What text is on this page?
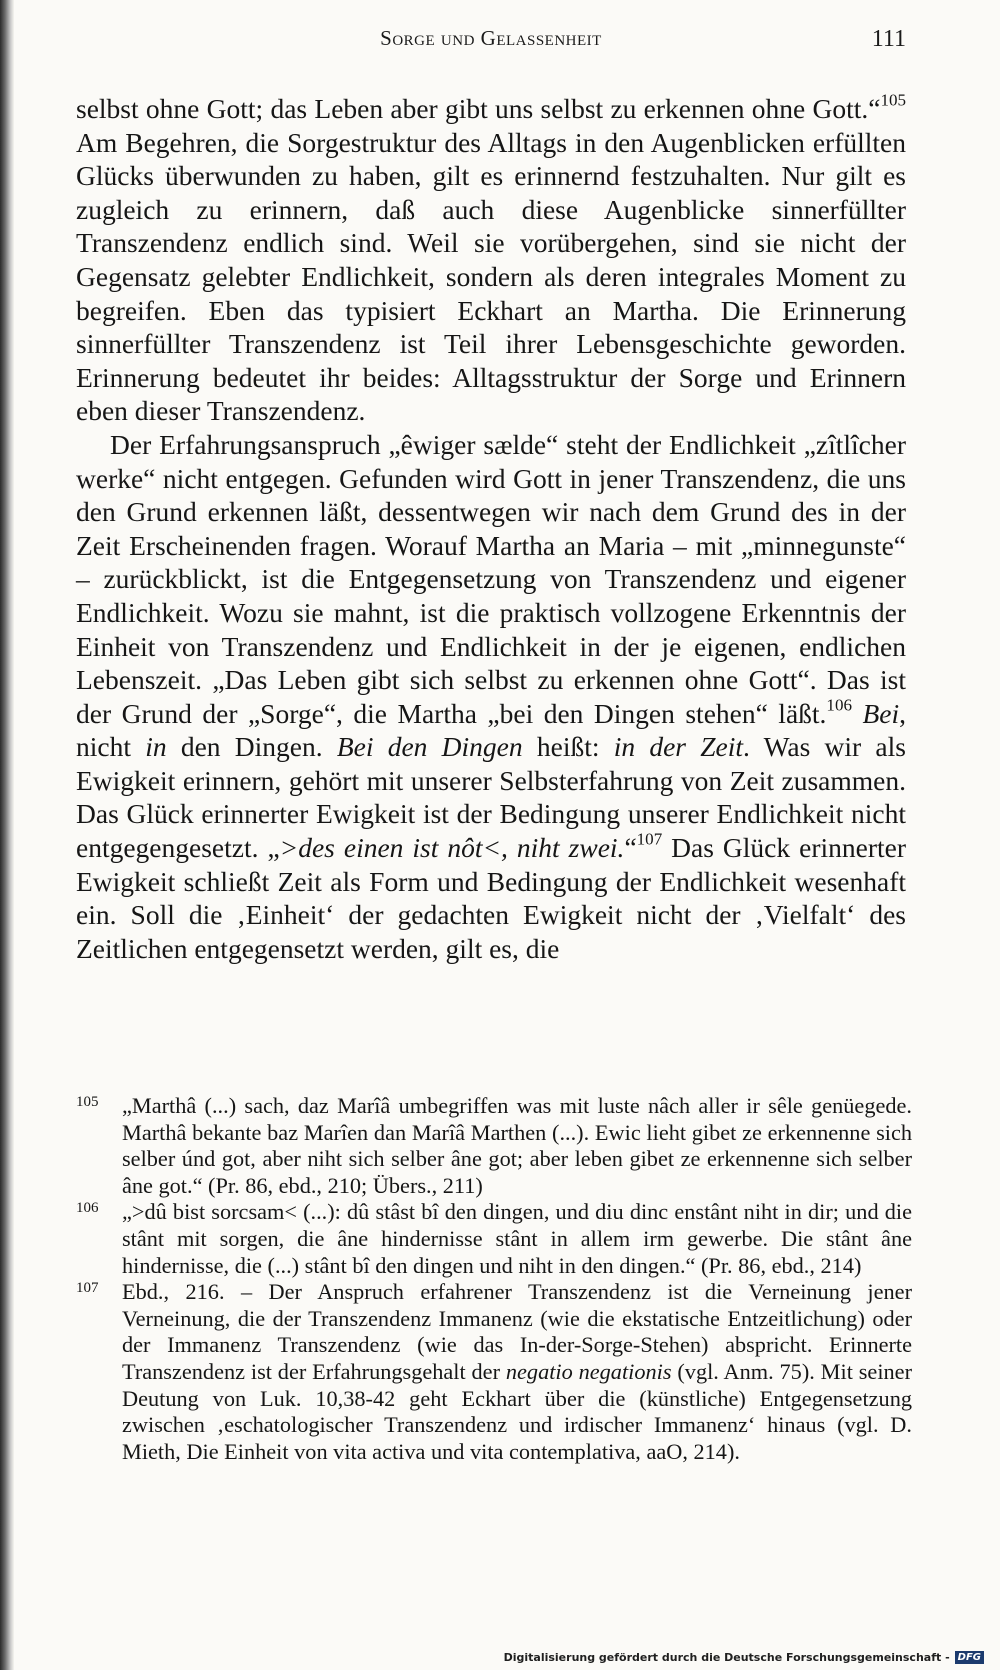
Sorge und Gelassenheit	111

selbst ohne Gott; das Leben aber gibt uns selbst zu erkennen ohne Gott.“$^{105}$ Am Begehren, die Sorgestruktur des Alltags in den Augenblicken erfüllten Glücks überwunden zu haben, gilt es erinnernd festzuhalten. Nur gilt es zugleich zu erinnern, daß auch diese Augenblicke sinnerfüllter Transzendenz endlich sind. Weil sie vorübergehen, sind sie nicht der Gegensatz gelebter Endlichkeit, sondern als deren integrales Moment zu begreifen. Eben das typisiert Eckhart an Martha. Die Erinnerung sinnerfüllter Transzendenz ist Teil ihrer Lebensgeschichte geworden. Erinnerung bedeutet ihr beides: Alltagsstruktur der Sorge und Erinnern eben dieser Transzendenz.

Der Erfahrungsanspruch „êwiger sælde“ steht der Endlichkeit „zîtlîcher werke“ nicht entgegen. Gefunden wird Gott in jener Transzendenz, die uns den Grund erkennen läßt, dessentwegen wir nach dem Grund des in der Zeit Erscheinenden fragen. Worauf Martha an Maria – mit „minnegunste“ – zurückblickt, ist die Entgegensetzung von Transzendenz und eigener Endlichkeit. Wozu sie mahnt, ist die praktisch vollzogene Erkenntnis der Einheit von Transzendenz und Endlichkeit in der je eigenen, endlichen Lebenszeit. „Das Leben gibt sich selbst zu erkennen ohne Gott“. Das ist der Grund der „Sorge“, die Martha „bei den Dingen stehen“ läßt.$^{106}$ Bei, nicht in den Dingen. Bei den Dingen heißt: in der Zeit. Was wir als Ewigkeit erinnern, gehört mit unserer Selbsterfahrung von Zeit zusammen. Das Glück erinnerter Ewigkeit ist der Bedingung unserer Endlichkeit nicht entgegengesetzt. „>des einen ist nôt<, niht zwei.“$^{107}$ Das Glück erinnerter Ewigkeit schließt Zeit als Form und Bedingung der Endlichkeit wesenhaft ein. Soll die ‚Einheit‘ der gedachten Ewigkeit nicht der ‚Vielfalt‘ des Zeitlichen entgegensetzt werden, gilt es, die

105 „Marthâ (...) sach, daz Marîâ umbegriffen was mit luste nâch aller ir sêle genüegede. Marthâ bekante baz Marîen dan Marîâ Marthen (...). Ewic lieht gibet ze erkennenne sich selber únd got, aber niht sich selber âne got; aber leben gibet ze erkennenne sich selber âne got.“ (Pr. 86, ebd., 210; Übers., 211)

106 „>dû bist sorcsam< (...): dû stâst bî den dingen, und diu dinc enstânt niht in dir; und die stânt mit sorgen, die âne hindernisse stânt in allem irm gewerbe. Die stânt âne hindernisse, die (...) stânt bî den dingen und niht in den dingen.“ (Pr. 86, ebd., 214)

107 Ebd., 216. – Der Anspruch erfahrener Transzendenz ist die Verneinung jener Verneinung, die der Transzendenz Immanenz (wie die ekstatische Entzeitlichung) oder der Immanenz Transzendenz (wie das In-der-Sorge-Stehen) abspricht. Erinnerte Transzendenz ist der Erfahrungsgehalt der negatio negationis (vgl. Anm. 75). Mit seiner Deutung von Luk. 10,38-42 geht Eckhart über die (künstliche) Entgegensetzung zwischen ‚eschatologischer Transzendenz und irdischer Immanenz‘ hinaus (vgl. D. Mieth, Die Einheit von vita activa und vita contemplativa, aaO, 214).

Digitalisierung gefördert durch die Deutsche Forschungsgemeinschaft - DFG
